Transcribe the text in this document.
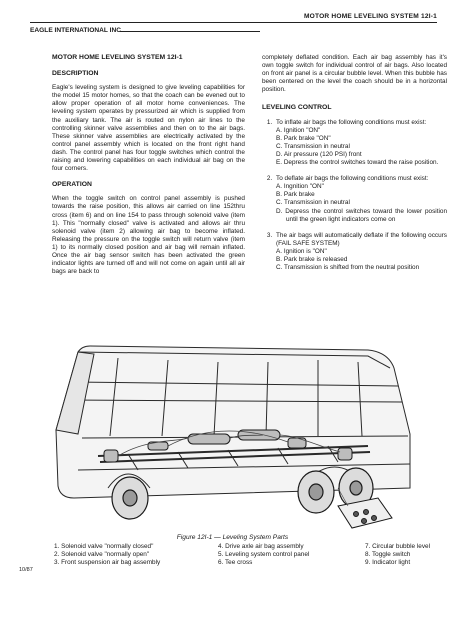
MOTOR HOME LEVELING SYSTEM 12I-1
EAGLE INTERNATIONAL INC.
MOTOR HOME LEVELING SYSTEM 12I-1
DESCRIPTION

Eagle's leveling system is designed to give leveling capabilities for the model 15 motor homes, so that the coach can be evened out to allow proper operation of all motor home conveniences. The leveling system operates by pressurized air which is supplied from the auxiliary tank. The air is routed on nylon air lines to the controlling skinner valve assemblies and then on to the air bags. These skinner valve assemblies are electrically activated by the control panel assembly which is located on the front right hand dash. The control panel has four toggle switches which control the raising and lowering capabilities on each individual air bag on the four corners.

OPERATION

When the toggle switch on control panel assembly is pushed towards the raise position, this allows air carried on line 152thru cross (item 6) and on line 154 to pass through solenoid valve (item 1). This "normally closed" valve is activated and allows air thru solenoid valve (item 2) allowing air bag to become inflated. Releasing the pressure on the toggle switch will return valve (item 1) to its normally closed position and air bag will remain inflated. Once the air bag sensor switch has been activated the green indicator lights are turned off and will not come on again until all air bags are back to

completely deflated condition. Each air bag assembly has it's own toggle switch for individual control of air bags. Also located on front air panel is a circular bubble level. When this bubble has been centered on the level the coach should be in a horizontal position.

LEVELING CONTROL
1. To inflate air bags the following conditions must exist:
A. Ignition "ON"
B. Park brake "ON"
C. Transmission in neutral
D. Air pressure (120 PSI) front
E. Depress the control switches toward the raise position.
2. To deflate air bags the following conditions must exist:
A. Ingnition "ON"
B. Park brake
C. Transmission in neutral
D. Depress the control switches toward the lower position until the green light indicators come on
3. The air bags will automatically deflate if the following occurs (FAIL SAFE SYSTEM)
A. Ignition is "ON"
B. Park brake is released
C. Transmission is shifted from the neutral position
Figure 12I-1 — Leveling System Parts
1. Solenoid valve "normally closed"
2. Solenoid valve "normally open"
3. Front suspension air bag assembly
4. Drive axle air bag assembly
5. Leveling system control panel
6. Tee cross
7. Circular bubble level
8. Toggle switch
9. Indicator light
10/87
